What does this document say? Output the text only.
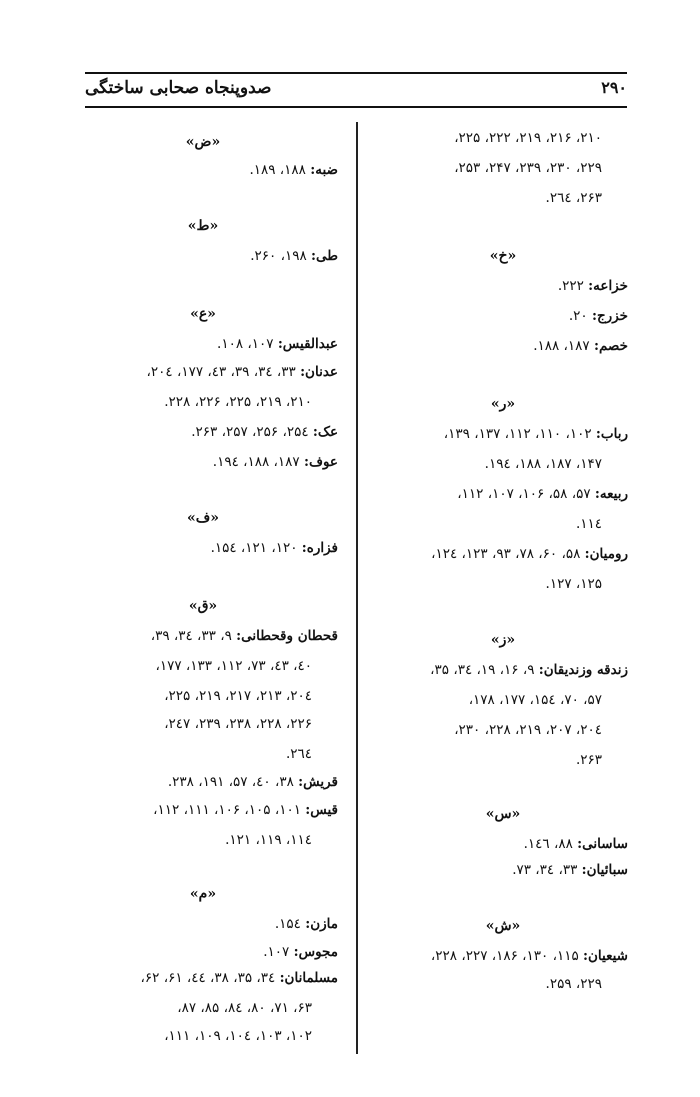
صدوپنجاه صحابی ساختگی	۲۹۰
۲۱۰، ۲۱۶، ۲۱۹، ۲۲۲، ۲۲۵،
۲۲۹، ۲۳۰، ۲۳۹، ۲۴۷، ۲۵۳،
۲۶۳، ۲٦٤.
«خ»
خزاعه: ۲۲۲.
خزرج: ۲۰.
خصم: ۱۸۷، ۱۸۸.
«ر»
رباب: ۱۰۲، ۱۱۰، ۱۱۲، ۱۳۷، ۱۳۹،
۱۴۷، ۱۸۷، ۱۸۸، ۱۹٤.
ربیعه: ۵۷، ۵۸، ۱۰۶، ۱۰۷، ۱۱۲،
۱۱٤.
رومیان: ۵۸، ۶۰، ۷۸، ۹۳، ۱۲۳، ۱۲٤،
۱۲۵، ۱۲۷.
«ز»
زندقه وزندیقان: ۹، ۱۶، ۱۹، ۳٤، ۳۵،
۵۷، ۷۰، ۱۵٤، ۱۷۷، ۱۷۸،
۲۰٤، ۲۰۷، ۲۱۹، ۲۲۸، ۲۳۰،
۲۶۳.
«س»
ساسانی: ۸۸، ۱٤٦.
سبائیان: ۳۳، ۳٤، ۷۳.
«ش»
شیعیان: ۱۱۵، ۱۳۰، ۱۸۶، ۲۲۷، ۲۲۸،
۲۲۹، ۲۵۹.
«ض»
ضبه: ۱۸۸، ۱۸۹.
«ط»
طی: ۱۹۸، ۲۶۰.
«ع»
عبدالقیس: ۱۰۷، ۱۰۸.
عدنان: ۳۳، ۳٤، ۳۹، ٤۳، ۱۷۷، ۲۰٤،
۲۱۰، ۲۱۹، ۲۲۵، ۲۲۶، ۲۲۸.
عک: ۲۵٤، ۲۵۶، ۲۵۷، ۲۶۳.
عوف: ۱۸۷، ۱۸۸، ۱۹٤.
«ف»
فزاره: ۱۲۰، ۱۲۱، ۱۵٤.
«ق»
قحطان وقحطانی: ۹، ۳۳، ۳٤، ۳۹،
٤۰، ٤۳، ۷۳، ۱۱۲، ۱۳۳، ۱۷۷،
۲۰٤، ۲۱۳، ۲۱۷، ۲۱۹، ۲۲۵،
۲۲۶، ۲۲۸، ۲۳۸، ۲۳۹، ۲٤۷،
۲٦٤.
قریش: ۳۸، ٤۰، ۵۷، ۱۹۱، ۲۳۸.
قیس: ۱۰۱، ۱۰۵، ۱۰۶، ۱۱۱، ۱۱۲،
۱۱٤، ۱۱۹، ۱۲۱.
«م»
مازن: ۱۵٤.
مجوس: ۱۰۷.
مسلمانان: ۳٤، ۳۵، ۳۸، ٤٤، ۶۱، ۶۲،
۶۳، ۷۱، ۸۰، ۸٤، ۸۵، ۸۷،
۱۰۲، ۱۰۳، ۱۰٤، ۱۰۹، ۱۱۱،
